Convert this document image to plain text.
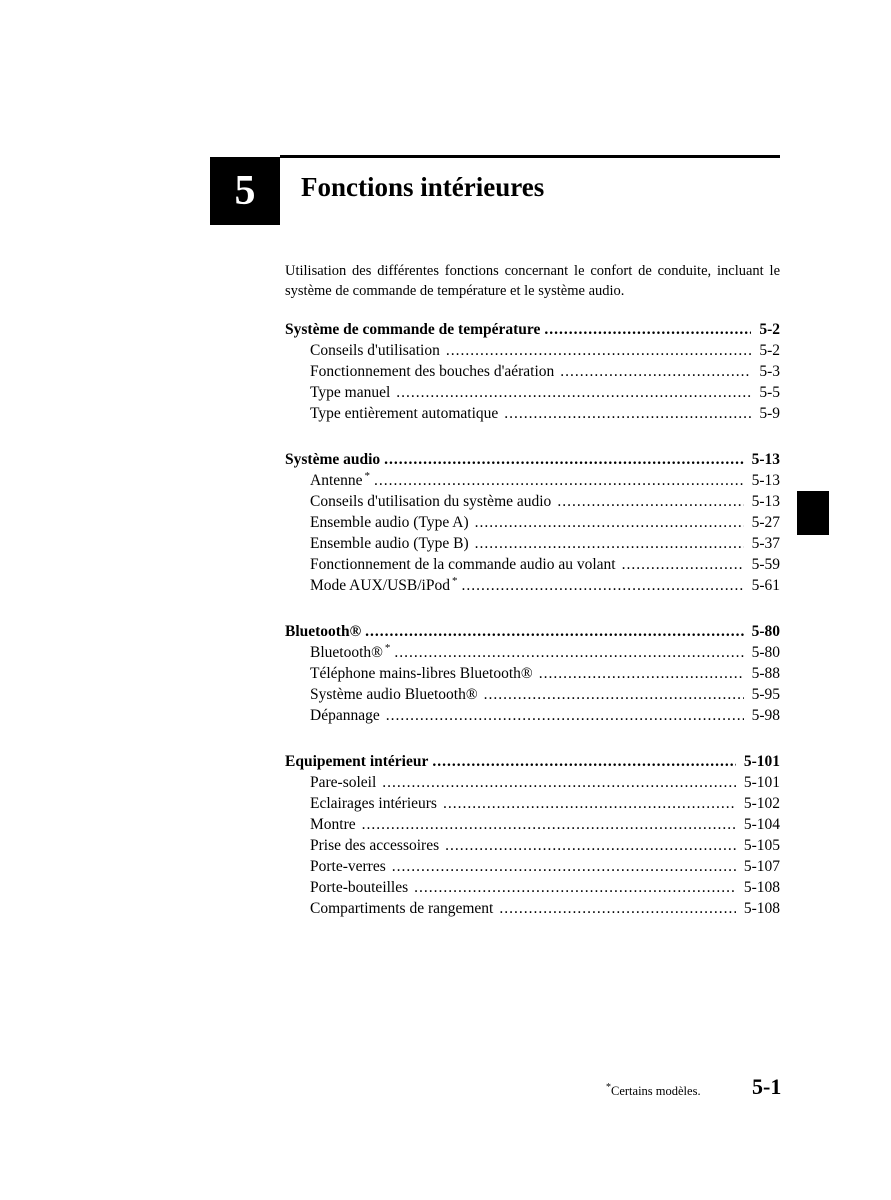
5 Fonctions intérieures
Utilisation des différentes fonctions concernant le confort de conduite, incluant le système de commande de température et le système audio.
Système de commande de température .....	5-2
Conseils d'utilisation .....	5-2
Fonctionnement des bouches d'aération .....	5-3
Type manuel .....	5-5
Type entièrement automatique .....	5-9
Système audio .....	5-13
Antenne * .....	5-13
Conseils d'utilisation du système audio .....	5-13
Ensemble audio (Type A) .....	5-27
Ensemble audio (Type B) .....	5-37
Fonctionnement de la commande audio au volant .....	5-59
Mode AUX/USB/iPod * .....	5-61
Bluetooth® .....	5-80
Bluetooth® * .....	5-80
Téléphone mains-libres Bluetooth® .....	5-88
Système audio Bluetooth® .....	5-95
Dépannage .....	5-98
Equipement intérieur .....	5-101
Pare-soleil .....	5-101
Eclairages intérieurs .....	5-102
Montre .....	5-104
Prise des accessoires .....	5-105
Porte-verres .....	5-107
Porte-bouteilles .....	5-108
Compartiments de rangement .....	5-108
*Certains modèles. 5-1
